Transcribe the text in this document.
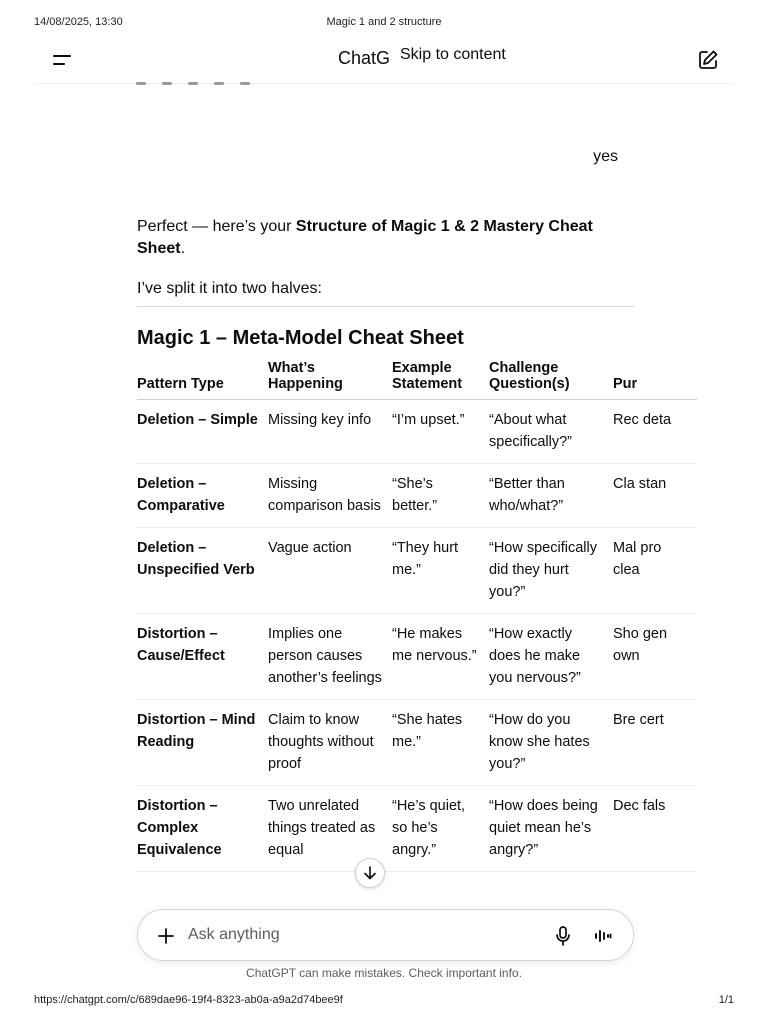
14/08/2025, 13:30	Magic 1 and 2 structure
ChatG Skip to content
yes

Perfect — here’s your Structure of Magic 1 & 2 Mastery Cheat Sheet.

I’ve split it into two halves:

Magic 1 – Meta-Model Cheat Sheet
Pattern Type	What’s Happening	Example Statement	Challenge Question(s)	Pur
Deletion – Simple	Missing key info	“I’m upset.”	“About what specifically?”	Rec deta
Deletion – Comparative	Missing comparison basis	“She’s better.”	“Better than who/what?”	Cla stan
Deletion – Unspecified Verb	Vague action	“They hurt me.”	“How specifically did they hurt you?”	Mal pro clea
Distortion – Cause/Effect	Implies one person causes another’s feelings	“He makes me nervous.”	“How exactly does he make you nervous?”	Sho gen own
Distortion – Mind Reading	Claim to know thoughts without proof	“She hates me.”	“How do you know she hates you?”	Bre cert
Distortion – Complex Equivalence	Two unrelated things treated as equal	“He’s quiet, so he’s angry.”	“How does being quiet mean he’s angry?”	Dec fals
Ask anything
ChatGPT can make mistakes. Check important info.
https://chatgpt.com/c/689dae96-19f4-8323-ab0a-a9a2d74bee9f	1/1
